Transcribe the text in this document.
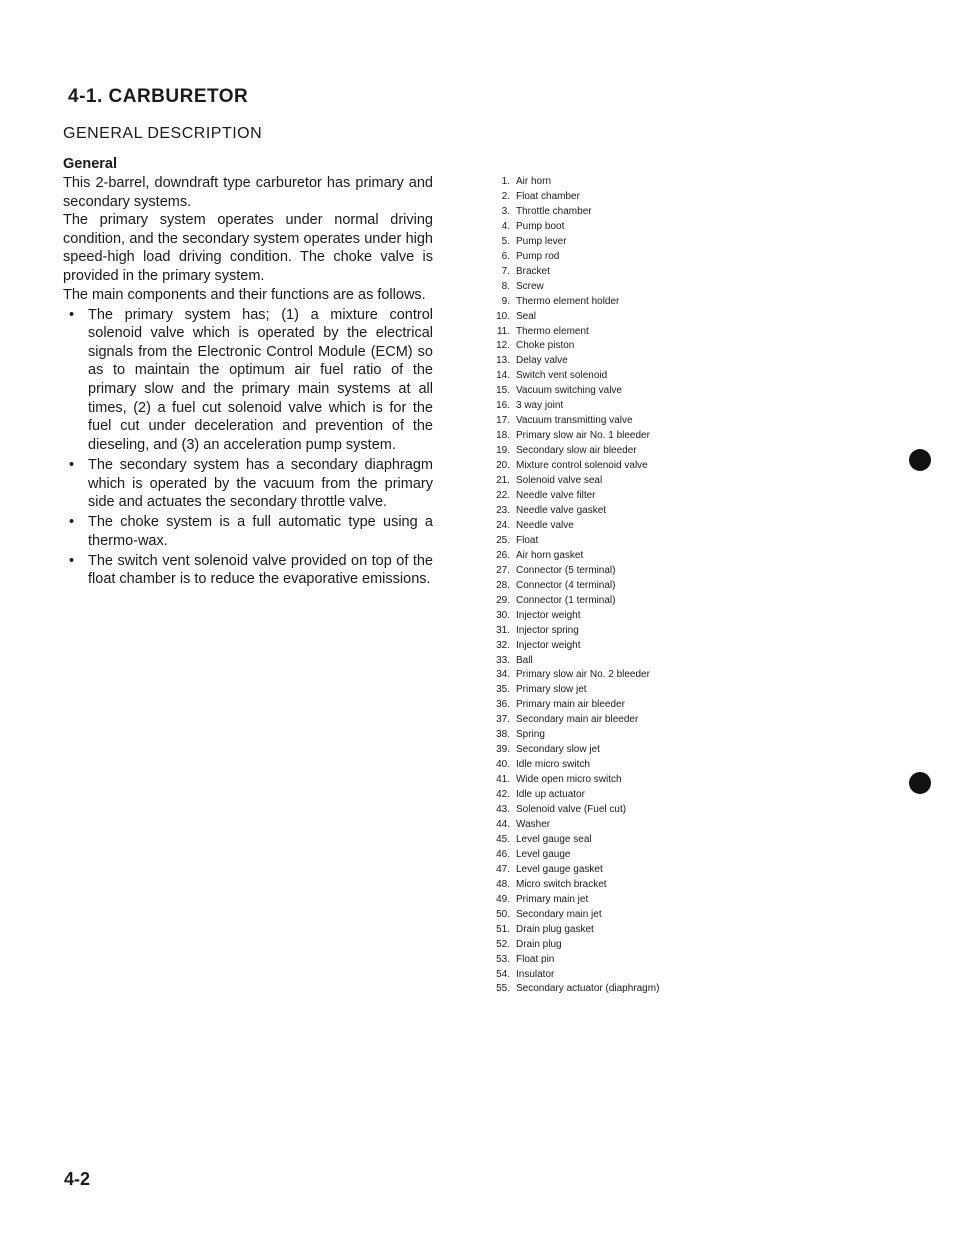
4-1. CARBURETOR
GENERAL DESCRIPTION
General

This 2-barrel, downdraft type carburetor has primary and secondary systems.

The primary system operates under normal driving condition, and the secondary system operates under high speed-high load driving condition. The choke valve is provided in the primary system.

The main components and their functions are as follows.

• The primary system has; (1) a mixture control solenoid valve which is operated by the electrical signals from the Electronic Control Module (ECM) so as to maintain the optimum air fuel ratio of the primary slow and the primary main systems at all times, (2) a fuel cut solenoid valve which is for the fuel cut under deceleration and prevention of the dieseling, and (3) an acceleration pump system.
• The secondary system has a secondary diaphragm which is operated by the vacuum from the primary side and actuates the secondary throttle valve.
• The choke system is a full automatic type using a thermo-wax.
• The switch vent solenoid valve provided on top of the float chamber is to reduce the evaporative emissions.
1. Air horn
2. Float chamber
3. Throttle chamber
4. Pump boot
5. Pump lever
6. Pump rod
7. Bracket
8. Screw
9. Thermo element holder
10. Seal
11. Thermo element
12. Choke piston
13. Delay valve
14. Switch vent solenoid
15. Vacuum switching valve
16. 3 way joint
17. Vacuum transmitting valve
18. Primary slow air No. 1 bleeder
19. Secondary slow air bleeder
20. Mixture control solenoid valve
21. Solenoid valve seal
22. Needle valve filter
23. Needle valve gasket
24. Needle valve
25. Float
26. Air horn gasket
27. Connector (5 terminal)
28. Connector (4 terminal)
29. Connector (1 terminal)
30. Injector weight
31. Injector spring
32. Injector weight
33. Ball
34. Primary slow air No. 2 bleeder
35. Primary slow jet
36. Primary main air bleeder
37. Secondary main air bleeder
38. Spring
39. Secondary slow jet
40. Idle micro switch
41. Wide open micro switch
42. Idle up actuator
43. Solenoid valve (Fuel cut)
44. Washer
45. Level gauge seal
46. Level gauge
47. Level gauge gasket
48. Micro switch bracket
49. Primary main jet
50. Secondary main jet
51. Drain plug gasket
52. Drain plug
53. Float pin
54. Insulator
55. Secondary actuator (diaphragm)
4-2
